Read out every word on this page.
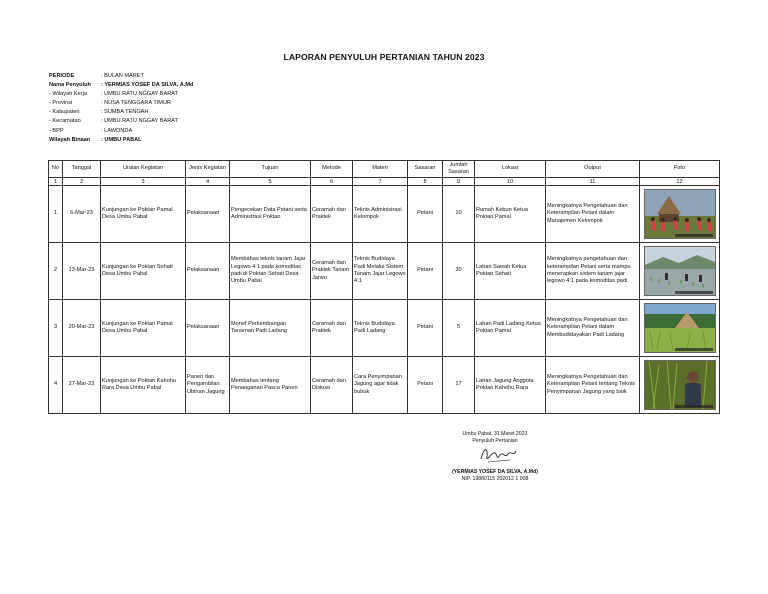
LAPORAN PENYULUH PERTANIAN TAHUN 2023
PERIODE	: BULAN MARET
Nama Penyuluh	: YERMIAS YOSEF DA SILVA, A.Md
- Wilayah Kerja	: UMBU RATU NGGAY BARAT
- Provinsi	: NUSA TENGGARA TIMUR
- Kabupaten	: SUMBA TENGAH
- Kecamatan	: UMBU RATU NGGAY BARAT
- BPP	: LAWONDA
Wilayah Binaan	: UMBU PABAL
No	Tanggal	Uraian Kegiatan	Jenis Kegiatan	Tujuan	Metode	Materi	Sasaran	Jumlah Sasaran	Lokasi	Output	Foto
1	2	3	4	5	6	7	8	9	10	11	12
1	6-Mar-23	Kunjungan ke Poktan Pamal Desa Umbu Pabal	Pelaksanaan	Pengecekan Data Petani serta Administrasi Poktan	Ceramah dan Praktek	Teknis Administrasi Kelompok	Petani	10	Rumah Kebun Ketua Poktan Pamal	Meningkatnya Pengetahuan dan Keterampilan Petani dalam Manajemen Kelompok	

2	13-Mar-23	Kunjungan ke Poktan Sehati Desa Umbu Pabal	Pelaksanaan	Membahas teknis tanam Jajar Legowo 4:1 pada komoditas padi di Poktan Sehati Desa Umbu Pabal	Ceramah dan Praktek Tanam Jarwo	Teknis Budidaya Padi Melalui Sistem Tanam Jajar Legowo 4:1	Petani	30	Lahan Sawah Ketua Poktan Sehati	Meningkatnya pengetahuan dan keterampilan Petani serta mampu menerapkan sistem tanam jajar legowo 4:1 pada komoditas padi	

3	20-Mar-23	Kunjungan ke Poktan Pamal Desa Umbu Pabal	Pelaksanaan	Monef Perkembangan Tanaman Padi Ladang	Ceramah dan Praktek	Teknis Budidaya Padi Ladang	Petani	5	Lahan Padi Ladang Ketua Poktan Pamal	Meningkatnya Pengetahuan dan Keterampilan Petani dalam Membudidayakan Padi Ladang	

4	27-Mar-23	Kunjungan ke Poktan Kahohu Rara Desa Umbu Pabal	Panen dan Pengambilan Ubinan Jagung	Membahas tentang Penanganan Pasca Panen	Ceramah dan Diskusi	Cara Penyimpanan Jagung agar tidak bubuk	Petani	17	Lahan Jagung Anggota Poktan Kahohu Rara	Meningkatnya Pengetahuan dan Keterampilan Petani tentang Teknis Penyimpanan Jagung yang baik	
Umbu Pabal, 31 Maret 2023
Penyuluh Pertanian
(YERMIAS YOSEF DA SILVA, A.Md)
NIP. 19880115 202012 1 008
